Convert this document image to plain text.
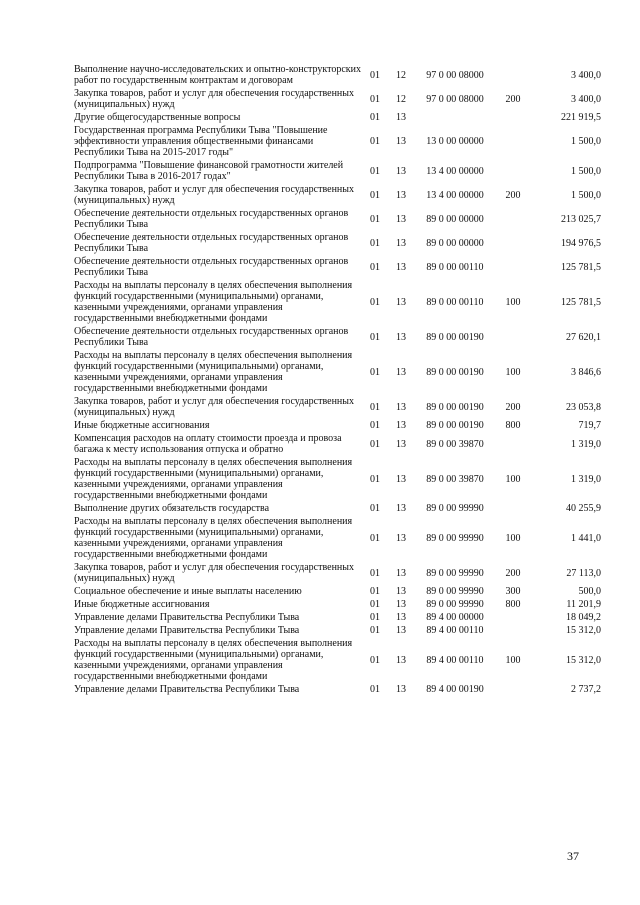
Выполнение научно-исследовательских и опытно-конструкторских работ по государственным контрактам и договорам	01	12	97 0 00 08000		3 400,0
Закупка товаров, работ и услуг для обеспечения государственных (муниципальных) нужд	01	12	97 0 00 08000	200	3 400,0
Другие общегосударственные вопросы	01	13			221 919,5
Государственная программа Республики Тыва "Повышение эффективности управления общественными финансами Республики Тыва на 2015-2017 годы"	01	13	13 0 00 00000		1 500,0
Подпрограмма "Повышение финансовой грамотности жителей Республики Тыва в 2016-2017 годах"	01	13	13 4 00 00000		1 500,0
Закупка товаров, работ и услуг для обеспечения государственных (муниципальных) нужд	01	13	13 4 00 00000	200	1 500,0
Обеспечение деятельности отдельных государственных органов Республики Тыва	01	13	89 0 00 00000		213 025,7
Обеспечение деятельности отдельных государственных органов Республики Тыва	01	13	89 0 00 00000		194 976,5
Обеспечение деятельности отдельных государственных органов Республики Тыва	01	13	89 0 00 00110		125 781,5
Расходы на выплаты персоналу в целях обеспечения выполнения функций государственными (муниципальными) органами, казенными учреждениями, органами управления государственными внебюджетными фондами	01	13	89 0 00 00110	100	125 781,5
Обеспечение деятельности отдельных государственных органов Республики Тыва	01	13	89 0 00 00190		27 620,1
Расходы на выплаты персоналу в целях обеспечения выполнения функций государственными (муниципальными) органами, казенными учреждениями, органами управления государственными внебюджетными фондами	01	13	89 0 00 00190	100	3 846,6
Закупка товаров, работ и услуг для обеспечения государственных (муниципальных) нужд	01	13	89 0 00 00190	200	23 053,8
Иные бюджетные ассигнования	01	13	89 0 00 00190	800	719,7
Компенсация расходов на оплату стоимости проезда и провоза багажа к месту использования отпуска и обратно	01	13	89 0 00 39870		1 319,0
Расходы на выплаты персоналу в целях обеспечения выполнения функций государственными (муниципальными) органами, казенными учреждениями, органами управления государственными внебюджетными фондами	01	13	89 0 00 39870	100	1 319,0
Выполнение других обязательств государства	01	13	89 0 00 99990		40 255,9
Расходы на выплаты персоналу в целях обеспечения выполнения функций государственными (муниципальными) органами, казенными учреждениями, органами управления государственными внебюджетными фондами	01	13	89 0 00 99990	100	1 441,0
Закупка товаров, работ и услуг для обеспечения государственных (муниципальных) нужд	01	13	89 0 00 99990	200	27 113,0
Социальное обеспечение и иные выплаты населению	01	13	89 0 00 99990	300	500,0
Иные бюджетные ассигнования	01	13	89 0 00 99990	800	11 201,9
Управление делами Правительства Республики Тыва	01	13	89 4 00 00000		18 049,2
Управление делами Правительства Республики Тыва	01	13	89 4 00 00110		15 312,0
Расходы на выплаты персоналу в целях обеспечения выполнения функций государственными (муниципальными) органами, казенными учреждениями, органами управления государственными внебюджетными фондами	01	13	89 4 00 00110	100	15 312,0
Управление делами Правительства Республики Тыва	01	13	89 4 00 00190		2 737,2
37
